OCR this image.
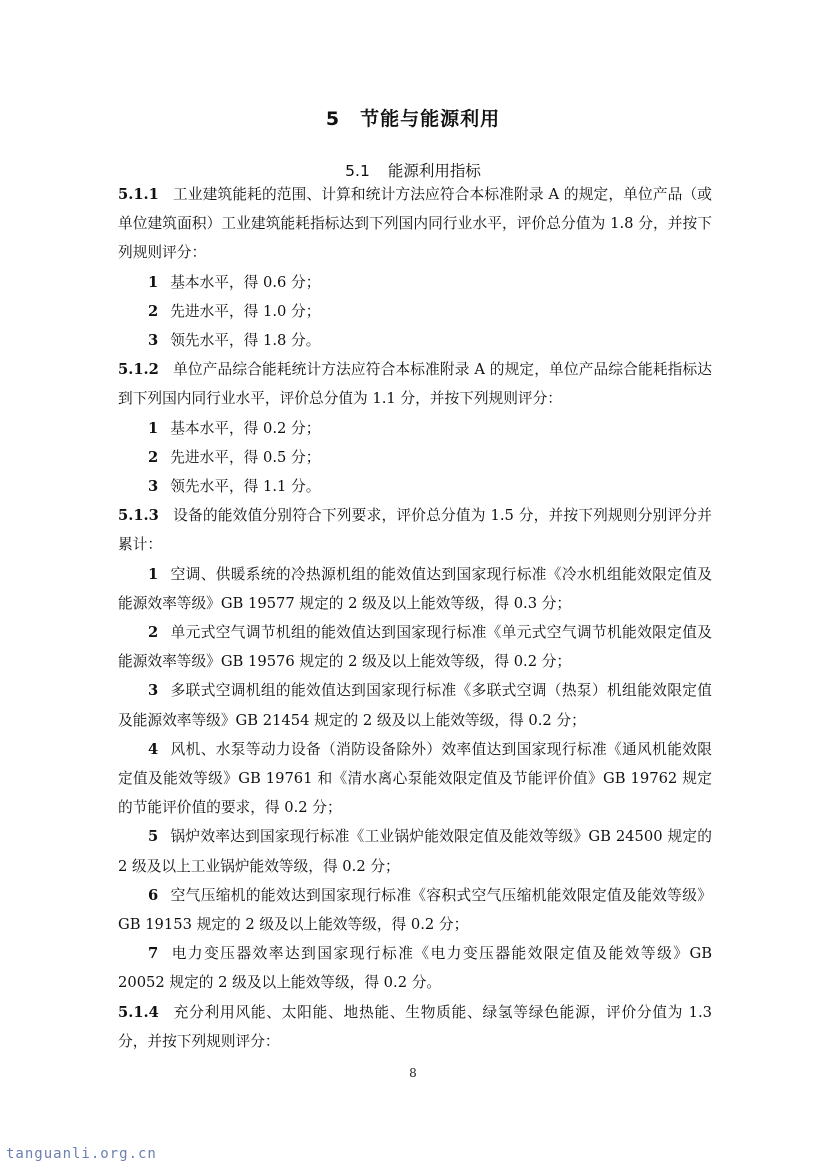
5 节能与能源利用
5.1 能源利用指标

5.1.1 工业建筑能耗的范围、计算和统计方法应符合本标准附录 A 的规定，单位产品（或单位建筑面积）工业建筑能耗指标达到下列国内同行业水平，评价总分值为 1.8 分，并按下列规则评分：

1 基本水平，得 0.6 分；

2 先进水平，得 1.0 分；

3 领先水平，得 1.8 分。

5.1.2 单位产品综合能耗统计方法应符合本标准附录 A 的规定，单位产品综合能耗指标达到下列国内同行业水平，评价总分值为 1.1 分，并按下列规则评分：

1 基本水平，得 0.2 分；

2 先进水平，得 0.5 分；

3 领先水平，得 1.1 分。

5.1.3 设备的能效值分别符合下列要求，评价总分值为 1.5 分，并按下列规则分别评分并累计：

1 空调、供暖系统的冷热源机组的能效值达到国家现行标准《冷水机组能效限定值及能源效率等级》GB 19577 规定的 2 级及以上能效等级，得 0.3 分；

2 单元式空气调节机组的能效值达到国家现行标准《单元式空气调节机能效限定值及能源效率等级》GB 19576 规定的 2 级及以上能效等级，得 0.2 分；

3 多联式空调机组的能效值达到国家现行标准《多联式空调（热泵）机组能效限定值及能源效率等级》GB 21454 规定的 2 级及以上能效等级，得 0.2 分；

4 风机、水泵等动力设备（消防设备除外）效率值达到国家现行标准《通风机能效限定值及能效等级》GB 19761 和《清水离心泵能效限定值及节能评价值》GB 19762 规定的节能评价值的要求，得 0.2 分；

5 锅炉效率达到国家现行标准《工业锅炉能效限定值及能效等级》GB 24500 规定的 2 级及以上工业锅炉能效等级，得 0.2 分；

6 空气压缩机的能效达到国家现行标准《容积式空气压缩机能效限定值及能效等级》GB 19153 规定的 2 级及以上能效等级，得 0.2 分；

7 电力变压器效率达到国家现行标准《电力变压器能效限定值及能效等级》GB 20052 规定的 2 级及以上能效等级，得 0.2 分。

5.1.4 充分利用风能、太阳能、地热能、生物质能、绿氢等绿色能源，评价分值为 1.3 分，并按下列规则评分：

8
tanguanli.org.cn
